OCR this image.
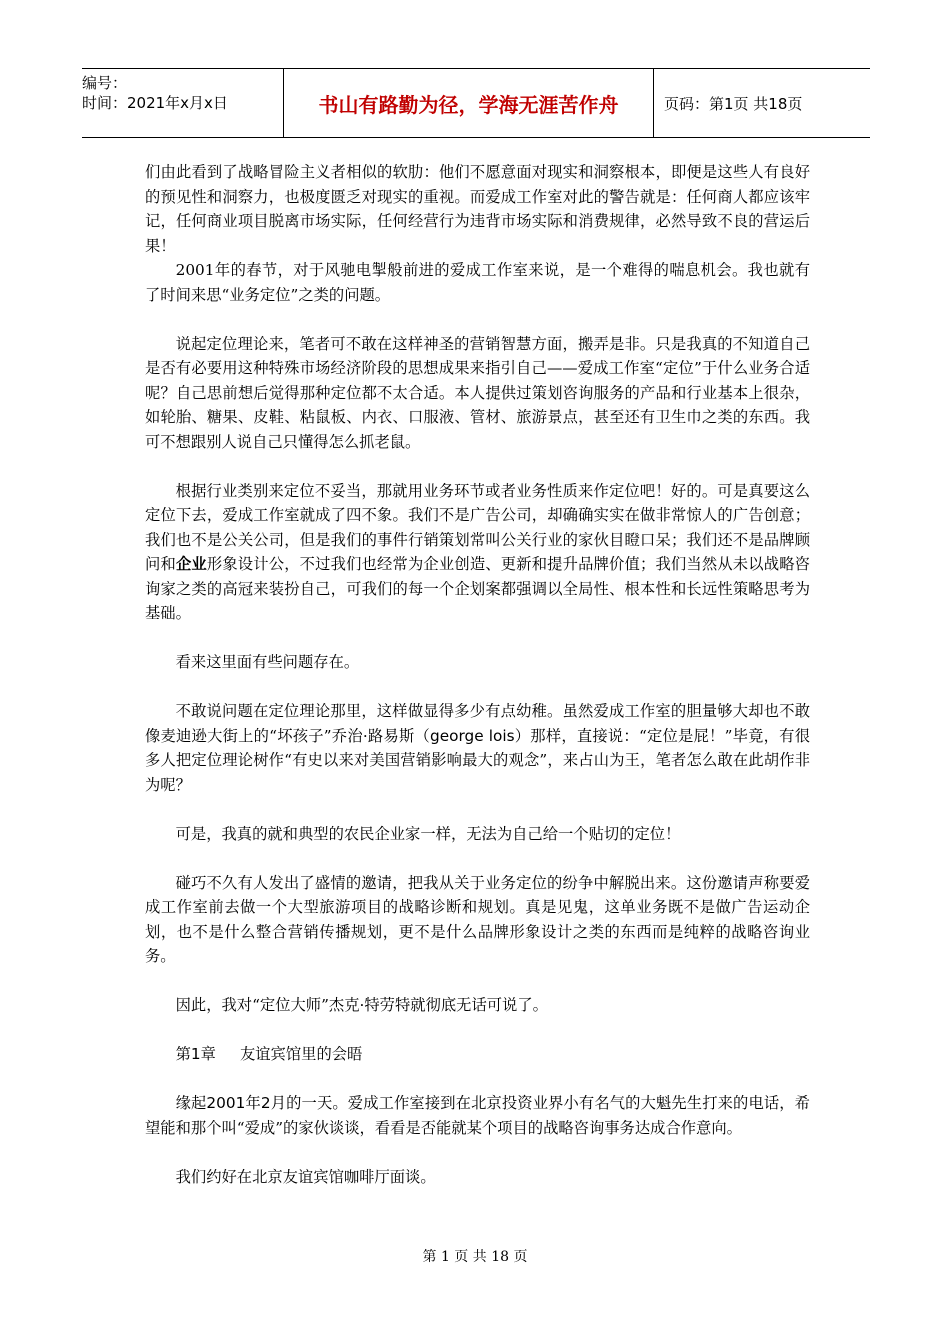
编号：
时间：2021年x月x日	书山有路勤为径，学海无涯苦作舟	页码：第1页 共18页

们由此看到了战略冒险主义者相似的软肋：他们不愿意面对现实和洞察根本，即便是这些人有良好的预见性和洞察力，也极度匮乏对现实的重视。而爱成工作室对此的警告就是：任何商人都应该牢记，任何商业项目脱离市场实际，任何经营行为违背市场实际和消费规律，必然导致不良的营运后果！

2001年的春节，对于风驰电掣般前进的爱成工作室来说，是一个难得的喘息机会。我也就有了时间来思“业务定位”之类的问题。

说起定位理论来，笔者可不敢在这样神圣的营销智慧方面，搬弄是非。只是我真的不知道自己是否有必要用这种特殊市场经济阶段的思想成果来指引自己——爱成工作室“定位”于什么业务合适呢？自己思前想后觉得那种定位都不太合适。本人提供过策划咨询服务的产品和行业基本上很杂，如轮胎、糖果、皮鞋、粘鼠板、内衣、口服液、管材、旅游景点，甚至还有卫生巾之类的东西。我可不想跟别人说自己只懂得怎么抓老鼠。

根据行业类别来定位不妥当，那就用业务环节或者业务性质来作定位吧！好的。可是真要这么定位下去，爱成工作室就成了四不象。我们不是广告公司，却确确实实在做非常惊人的广告创意；我们也不是公关公司，但是我们的事件行销策划常叫公关行业的家伙目瞪口呆；我们还不是品牌顾问和企业形象设计公，不过我们也经常为企业创造、更新和提升品牌价值；我们当然从未以战略咨询家之类的高冠来装扮自己，可我们的每一个企划案都强调以全局性、根本性和长远性策略思考为基础。

看来这里面有些问题存在。

不敢说问题在定位理论那里，这样做显得多少有点幼稚。虽然爱成工作室的胆量够大却也不敢像麦迪逊大街上的“坏孩子”乔治·路易斯（george lois）那样，直接说：“定位是屁！”毕竟，有很多人把定位理论树作“有史以来对美国营销影响最大的观念”，来占山为王，笔者怎么敢在此胡作非为呢？

可是，我真的就和典型的农民企业家一样，无法为自己给一个贴切的定位！

碰巧不久有人发出了盛情的邀请，把我从关于业务定位的纷争中解脱出来。这份邀请声称要爱成工作室前去做一个大型旅游项目的战略诊断和规划。真是见鬼，这单业务既不是做广告运动企划，也不是什么整合营销传播规划，更不是什么品牌形象设计之类的东西而是纯粹的战略咨询业务。

因此，我对“定位大师”杰克·特劳特就彻底无话可说了。

第1章 友谊宾馆里的会晤

缘起2001年2月的一天。爱成工作室接到在北京投资业界小有名气的大魁先生打来的电话，希望能和那个叫“爱成”的家伙谈谈，看看是否能就某个项目的战略咨询事务达成合作意向。

我们约好在北京友谊宾馆咖啡厅面谈。

第 1 页 共 18 页
